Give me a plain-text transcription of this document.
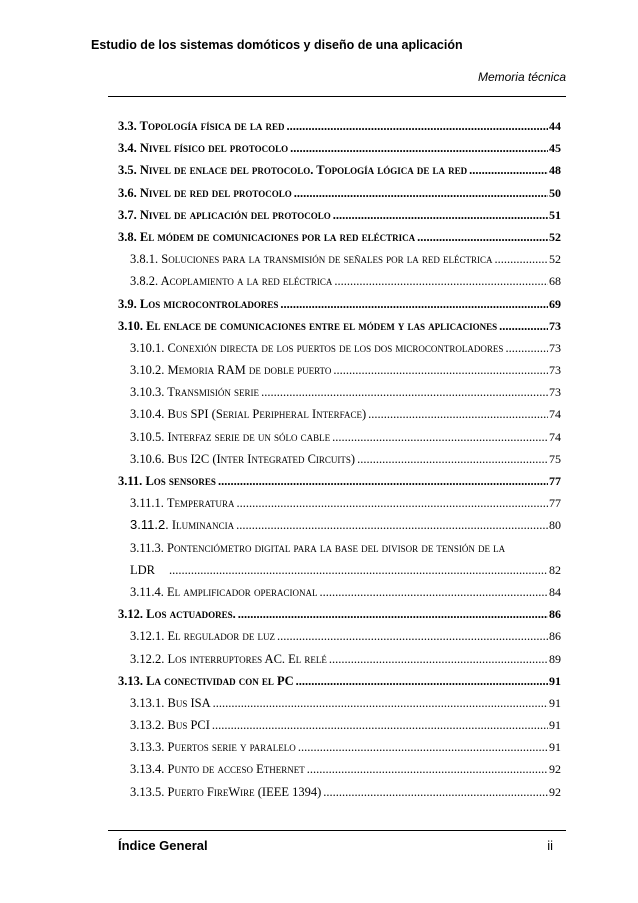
Estudio de los sistemas domóticos y diseño de una aplicación
Memoria técnica
3.3. Topología física de la red .....	44
3.4. Nivel físico del protocolo .....	45
3.5. Nivel de enlace del protocolo. Topología lógica de la red .....	48
3.6. Nivel de red del protocolo .....	50
3.7. Nivel de aplicación del protocolo .....	51
3.8. El módem de comunicaciones por la red eléctrica .....	52
3.8.1. Soluciones para la transmisión de señales por la red eléctrica .....	52
3.8.2. Acoplamiento a la red eléctrica .....	68
3.9. Los microcontroladores .....	69
3.10. El enlace de comunicaciones entre el módem y las aplicaciones .....	73
3.10.1. Conexión directa de los puertos de los dos microcontroladores .....	73
3.10.2. Memoria RAM de doble puerto .....	73
3.10.3. Transmisión serie .....	73
3.10.4. Bus SPI (Serial Peripheral Interface) .....	74
3.10.5. Interfaz serie de un sólo cable .....	74
3.10.6. Bus I2C (Inter Integrated Circuits) .....	75
3.11. Los sensores .....	77
3.11.1. Temperatura .....	77
3.11.2. Iluminancia .....	80
3.11.3. Pontenciómetro digital para la base del divisor de tensión de la
LDR .....	82
3.11.4. El amplificador operacional .....	84
3.12. Los actuadores. .....	86
3.12.1. El regulador de luz .....	86
3.12.2. Los interruptores AC. El relé .....	89
3.13. La conectividad con el PC .....	91
3.13.1. Bus ISA .....	91
3.13.2. Bus PCI .....	91
3.13.3. Puertos serie y paralelo .....	91
3.13.4. Punto de acceso Ethernet .....	92
3.13.5. Puerto FireWire (IEEE 1394) .....	92
Índice General	ii
